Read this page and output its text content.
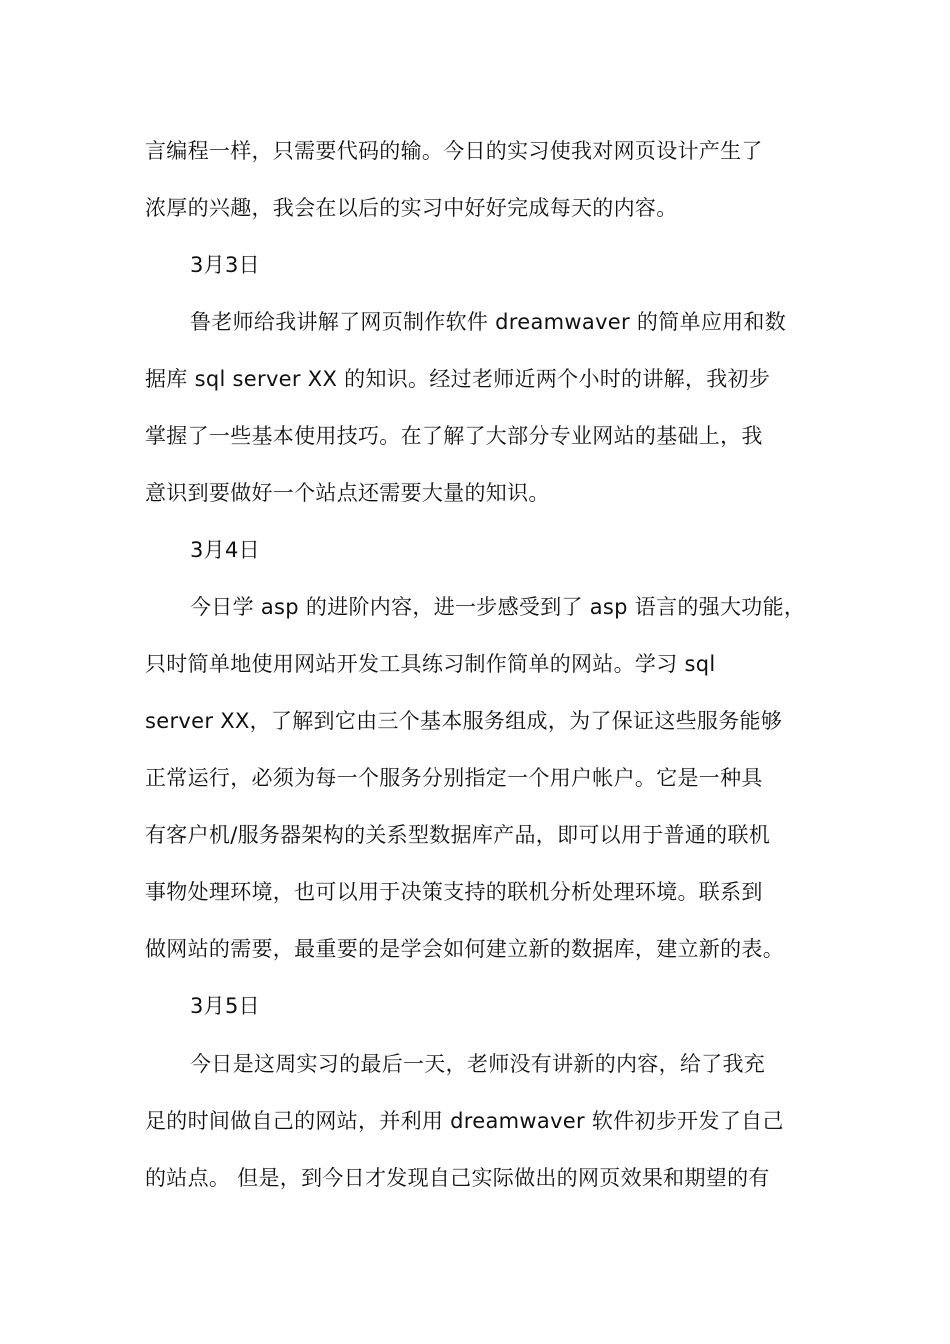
言编程一样，只需要代码的输。今日的实习使我对网页设计产生了
浓厚的兴趣，我会在以后的实习中好好完成每天的内容。
3月3日
鲁老师给我讲解了网页制作软件 dreamwaver 的简单应用和数
据库 sql server XX 的知识。经过老师近两个小时的讲解，我初步
掌握了一些基本使用技巧。在了解了大部分专业网站的基础上，我
意识到要做好一个站点还需要大量的知识。
3月4日
今日学 asp 的进阶内容，进一步感受到了 asp 语言的强大功能，
只时简单地使用网站开发工具练习制作简单的网站。学习 sql
server XX，了解到它由三个基本服务组成，为了保证这些服务能够
正常运行，必须为每一个服务分别指定一个用户帐户。它是一种具
有客户机/服务器架构的关系型数据库产品，即可以用于普通的联机
事物处理环境，也可以用于决策支持的联机分析处理环境。联系到
做网站的需要，最重要的是学会如何建立新的数据库，建立新的表。
3月5日
今日是这周实习的最后一天，老师没有讲新的内容，给了我充
足的时间做自己的网站，并利用 dreamwaver 软件初步开发了自己
的站点。 但是，到今日才发现自己实际做出的网页效果和期望的有
